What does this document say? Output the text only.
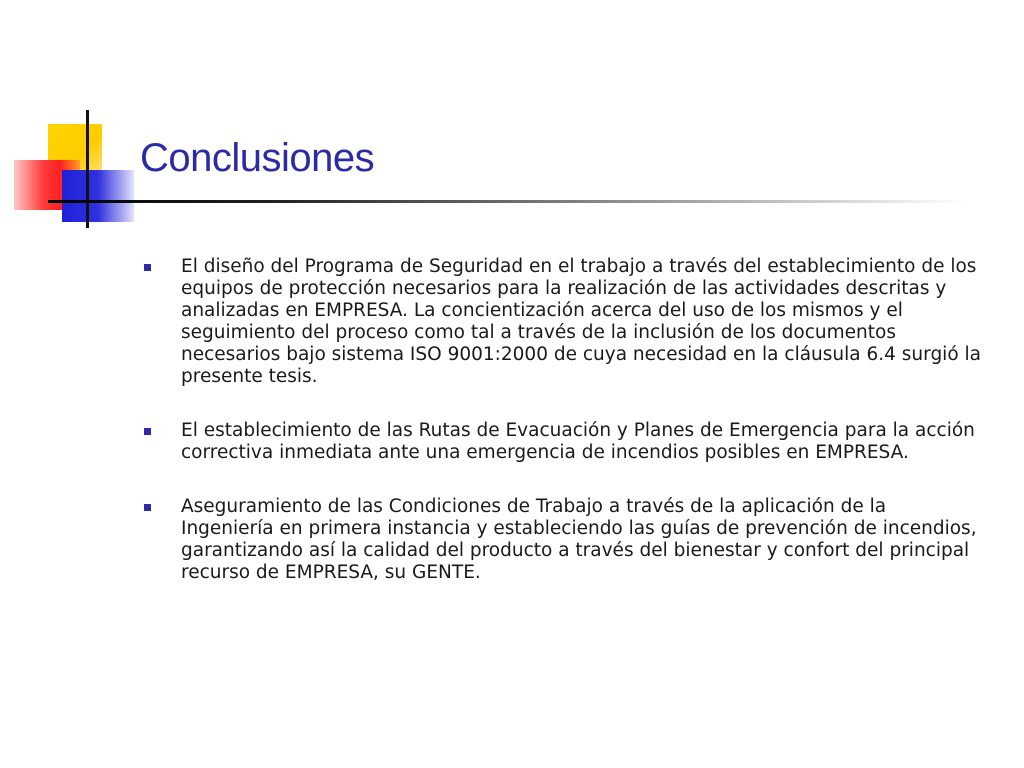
Conclusiones
El diseño del Programa de Seguridad en el trabajo a través del establecimiento de los equipos de protección necesarios para la realización de las actividades descritas y analizadas en EMPRESA. La concientización acerca del uso de los mismos y el seguimiento del proceso como tal a través de la inclusión de los documentos necesarios bajo sistema ISO 9001:2000 de cuya necesidad en la cláusula 6.4 surgió la presente tesis.
El establecimiento de las Rutas de Evacuación y Planes de Emergencia para la acción correctiva inmediata ante una emergencia de incendios posibles en EMPRESA.
Aseguramiento de las Condiciones de Trabajo a través de la aplicación de la Ingeniería en primera instancia y estableciendo las guías de prevención de incendios, garantizando así la calidad del producto a través del bienestar y confort del principal recurso de EMPRESA, su GENTE.
